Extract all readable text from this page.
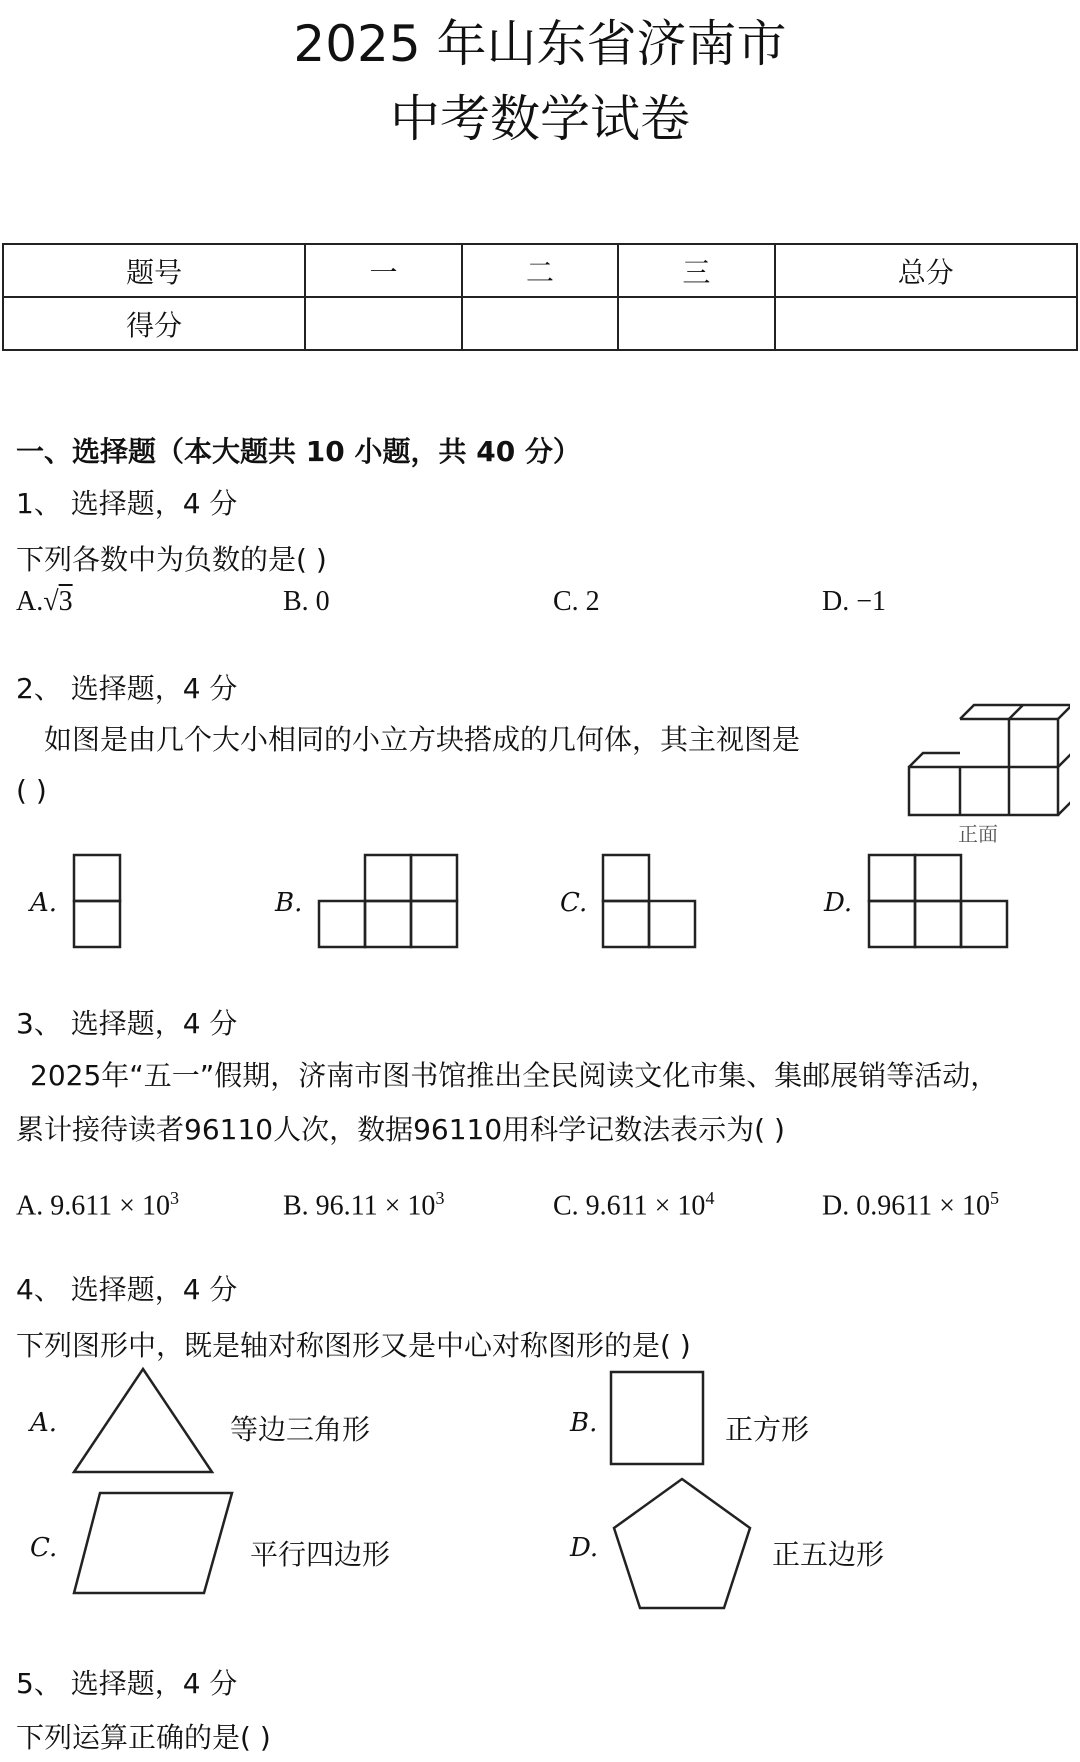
2025 年山东省济南市
中考数学试卷
题号	一	二	三	总分
得分				
一、选择题（本大题共 10 小题，共 40 分）
1、 选择题，4 分
下列各数中为负数的是( )
A.√3	B. 0	C. 2	D. −1
2、 选择题，4 分
如图是由几个大小相同的小立方块搭成的几何体，其主视图是
( )
正面
A.	B.	C.	D.
3、 选择题，4 分
2025年“五一”假期，济南市图书馆推出全民阅读文化市集、集邮展销等活动，
累计接待读者96110人次，数据96110用科学记数法表示为( )
A. $9.611 \times 10^3$	B. $96.11 \times 10^3$	C. $9.611 \times 10^4$	D. $0.9611 \times 10^5$
4、 选择题，4 分
下列图形中，既是轴对称图形又是中心对称图形的是( )
A.	等边三角形	B.	正方形
C.	平行四边形	D.	正五边形
5、 选择题，4 分
下列运算正确的是( )
